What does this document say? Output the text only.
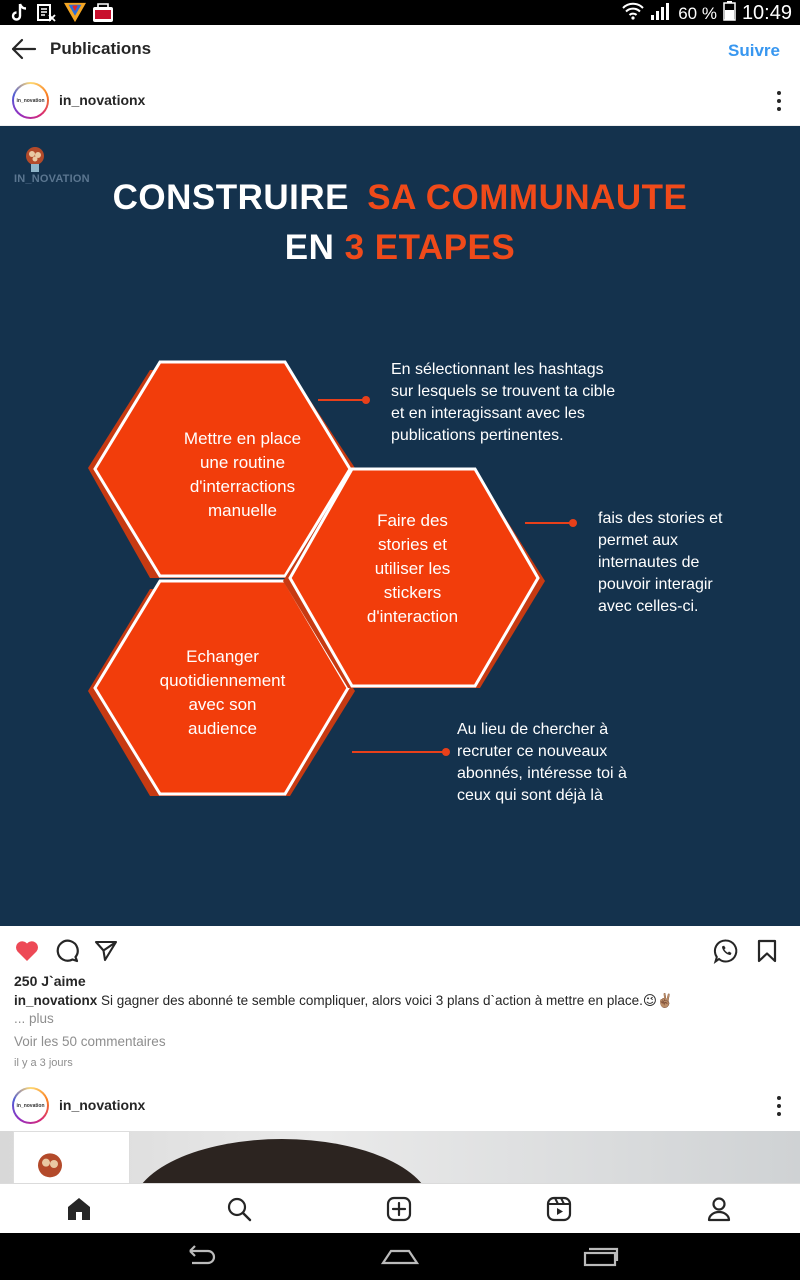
60 % 10:49
Publications	Suivre
in_novation in_novationx
IN_NOVATION CONSTRUIRE SA COMMUNAUTE
EN 3 ETAPES
Mettre en place
une routine
d'interractions
manuelle
Faire des
stories et
utiliser les
stickers
d'interaction
Echanger
quotidiennement
avec son
audience
En sélectionnant les hashtags
sur lesquels se trouvent ta cible
et en interagissant avec les
publications pertinentes.
fais des stories et
permet aux
internautes de
pouvoir interagir
avec celles-ci.
Au lieu de chercher à
recruter ce nouveaux
abonnés, intéresse toi à
ceux qui sont déjà là
250 J`aime
in_novationx Si gagner des abonné te semble compliquer, alors voici 3 plans d`action à mettre en place.😉✌🏽
... plus
Voir les 50 commentaires
il y a 3 jours
in_novation in_novationx
